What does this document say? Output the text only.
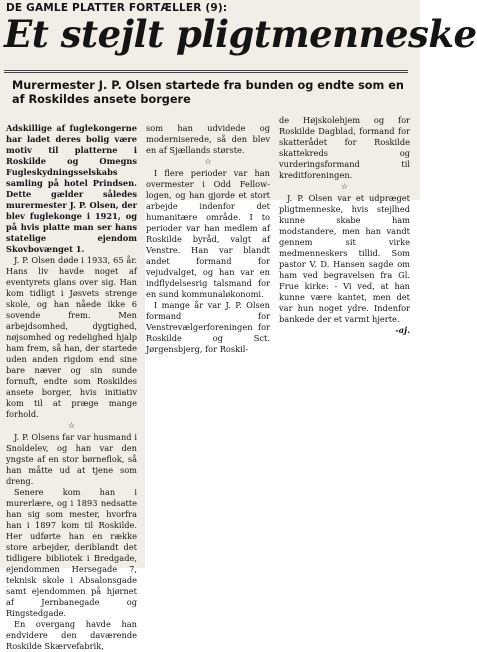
DE GAMLE PLATTER FORTÆLLER (9):
Et stejlt pligtmenneske
Murermester J. P. Olsen startede fra bunden og endte som en af Roskildes ansete borgere

Adskillige af fuglekongerne har ladet deres bolig være motiv til platterne i Roskilde og Omegns Fugleskydningsselskabs samling på hotel Prindsen. Dette gælder således murermester J. P. Olsen, der blev fuglekonge i 1921, og på hvis platte man ser hans statelige ejendom Skovbovænget 1.

J. P. Olsen døde i 1933, 65 år. Hans liv havde noget af eventyrets glans over sig. Han kom tidligt i Jøsvets strenge skole, og han nåede ikke 6 sovende frem. Men arbejdsomhed, dygtighed, nøjsomhed og redelighed hjalp ham frem, så han, der startede uden anden rigdom end sine bare næver og sin sunde fornuft, endte som Roskildes ansete borger, hvis initiativ kom til at præge mange forhold.

☆

J. P. Olsens far var husmand i Snoldelev, og han var den yngste af en stor børneflok, så han måtte ud at tjene som dreng.

Senere kom han i murerlære, og i 1893 nedsatte han sig som mester, hvorfra han i 1897 kom til Roskilde. Her udførte han en række store arbejder, deriblandt det tidligere bibliotek i Bredgade, ejendommen Hersegade 7, teknisk skole i Absalonsgade samt ejendommen på hjørnet af Jernbanegade og Ringstedgade.

En overgang havde han endvidere den daværende Roskilde Skærvefabrik,

som han udvidede og moderniserede, så den blev en af Sjællands største.

☆

I flere perioder var han overmester i Odd Fellow-logen, og han gjorde et stort arbejde indenfor det humanitære område. I to perioder var han medlem af Roskilde byråd, valgt af Venstre. Han var blandt andet formand for vejudvalget, og han var en indflydelsesrig talsmand for en sund kommunaløkonomi.

I mange år var J. P. Olsen formand for Venstrevælgerforeningen for Roskilde og Sct. Jørgensbjerg, for Roskil-

de Højskolehjem og for Roskilde Dagblad, formand for skatterådet for Roskilde skattekreds og vurderingsformand til kreditforeningen.

☆

J. P. Olsen var et udpræget pligtmenneske, hvis stejlhed kunne skabe ham modstandere, men han vandt gennem sit virke medmenneskers tillid. Som pastor V. D. Hansen sagde om ham ved begravelsen fra Gl. Frue kirke: - Vi ved, at han kunne være kantet, men det var hun noget ydre. Indenfor bankede der et varmt hjerte.

-aj.
